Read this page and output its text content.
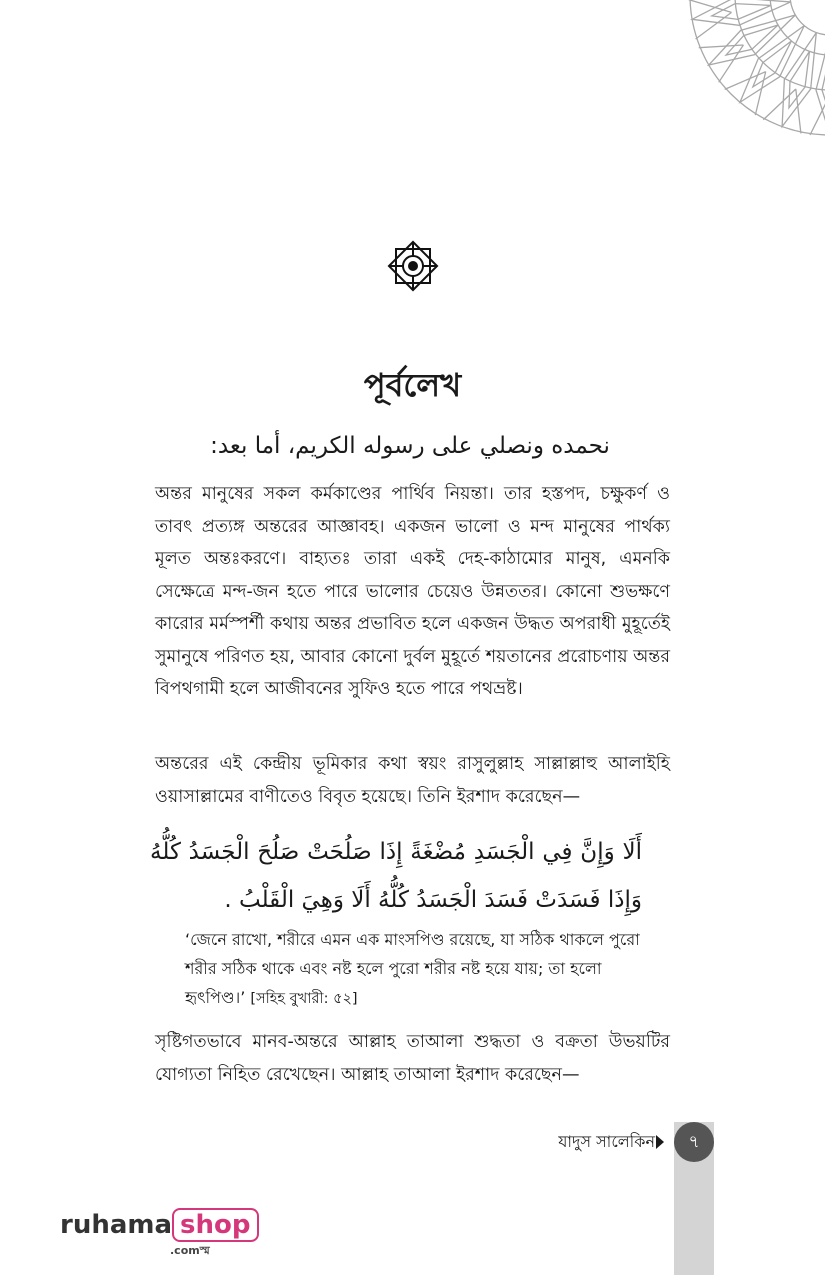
পূর্বলেখ
نحمده ونصلي على رسوله الكريم، أما بعد:
অন্তর মানুষের সকল কর্মকাণ্ডের পার্থিব নিয়ন্তা। তার হস্তপদ, চক্ষুকর্ণ ও তাবৎ প্রত্যঙ্গ অন্তরের আজ্ঞাবহ। একজন ভালো ও মন্দ মানুষের পার্থক্য মূলত অন্তঃকরণে। বাহ্যতঃ তারা একই দেহ-কাঠামোর মানুষ, এমনকি সেক্ষেত্রে মন্দ-জন হতে পারে ভালোর চেয়েও উন্নততর। কোনো শুভক্ষণে কারোর মর্মস্পর্শী কথায় অন্তর প্রভাবিত হলে একজন উদ্ধত অপরাধী মুহূর্তেই সুমানুষে পরিণত হয়, আবার কোনো দুর্বল মুহূর্তে শয়তানের প্ররোচণায় অন্তর বিপথগামী হলে আজীবনের সুফিও হতে পারে পথভ্রষ্ট।
অন্তরের এই কেন্দ্রীয় ভূমিকার কথা স্বয়ং রাসুলুল্লাহ সাল্লাল্লাহু আলাইহি ওয়াসাল্লামের বাণীতেও বিবৃত হয়েছে। তিনি ইরশাদ করেছেন—
أَلَا وَإِنَّ فِي الْجَسَدِ مُضْغَةً إِذَا صَلُحَتْ صَلُحَ الْجَسَدُ كُلُّهُ وَإِذَا فَسَدَتْ فَسَدَ الْجَسَدُ كُلُّهُ أَلَا وَهِيَ الْقَلْبُ .
‘জেনে রাখো, শরীরে এমন এক মাংসপিণ্ড রয়েছে, যা সঠিক থাকলে পুরো শরীর সঠিক থাকে এবং নষ্ট হলে পুরো শরীর নষ্ট হয়ে যায়; তা হলো হৃৎপিণ্ড।’ [সহিহ বুখারী: ৫২]
সৃষ্টিগতভাবে মানব-অন্তরে আল্লাহ তাআলা শুদ্ধতা ও বক্রতা উভয়টির যোগ্যতা নিহিত রেখেছেন। আল্লাহ তাআলা ইরশাদ করেছেন—
৭
যাদুস সালেকিন
ruhama shop
.comস্ম
